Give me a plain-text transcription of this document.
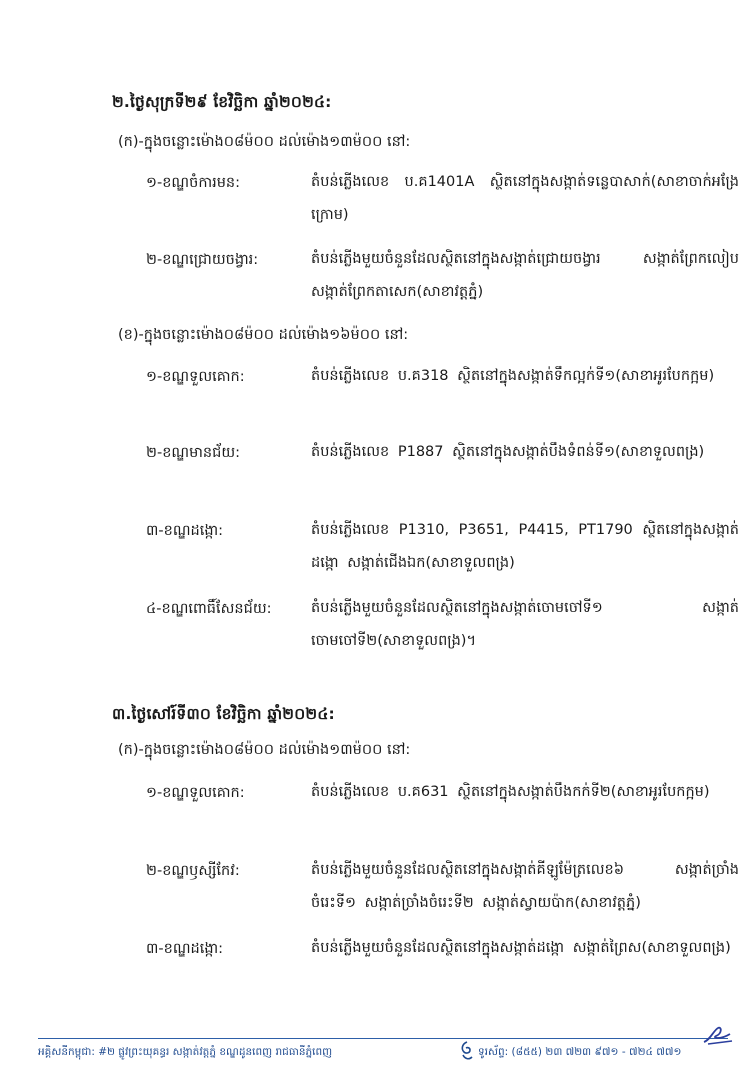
២.ថ្ងៃសុក្រទី២៩ ខែវិច្ឆិកា ឆ្នាំ២០២៤:
(ក)-ក្នុងចន្លោះម៉ោង០៨ម៉០០ ដល់ម៉ោង១៣ម៉០០ នៅ:
១-ខណ្ឌចំការមន:	តំបន់ភ្លើងលេខ ប.គ1401A ស្ថិតនៅក្នុងសង្កាត់ទន្លេបាសាក់(សាខាចាក់អង្រែក្រោម)
២-ខណ្ឌជ្រោយចង្វារ:	តំបន់ភ្លើងមួយចំនួនដែលស្ថិតនៅក្នុងសង្កាត់ជ្រោយចង្វារ សង្កាត់ព្រែកលៀប សង្កាត់ព្រែកតាសេក(សាខាវត្តភ្នំ)
(ខ)-ក្នុងចន្លោះម៉ោង០៨ម៉០០ ដល់ម៉ោង១៦ម៉០០ នៅ:
១-ខណ្ឌទួលគោក:	តំបន់ភ្លើងលេខ ប.គ318 ស្ថិតនៅក្នុងសង្កាត់ទឹកល្អក់ទី១(សាខាអូរបែកក្អម)
២-ខណ្ឌមានជ័យ:	តំបន់ភ្លើងលេខ P1887 ស្ថិតនៅក្នុងសង្កាត់បឹងទំពន់ទី១(សាខាទួលពង្រ)
៣-ខណ្ឌដង្កោ:	តំបន់ភ្លើងលេខ P1310, P3651, P4415, PT1790 ស្ថិតនៅក្នុងសង្កាត់ដង្កោ សង្កាត់ជើងឯក(សាខាទួលពង្រ)
៤-ខណ្ឌពោធិ៍សែនជ័យ:	តំបន់ភ្លើងមួយចំនួនដែលស្ថិតនៅក្នុងសង្កាត់ចោមចៅទី១ សង្កាត់ចោមចៅទី២(សាខាទួលពង្រ)។
៣.ថ្ងៃសៅរ៍ទី៣០ ខែវិច្ឆិកា ឆ្នាំ២០២៤:
(ក)-ក្នុងចន្លោះម៉ោង០៨ម៉០០ ដល់ម៉ោង១៣ម៉០០ នៅ:
១-ខណ្ឌទួលគោក:	តំបន់ភ្លើងលេខ ប.គ631 ស្ថិតនៅក្នុងសង្កាត់បឹងកក់ទី២(សាខាអូរបែកក្អម)
២-ខណ្ឌឫស្សីកែវ:	តំបន់ភ្លើងមួយចំនួនដែលស្ថិតនៅក្នុងសង្កាត់គីឡូម៉ែត្រលេខ៦ សង្កាត់ច្រាំងចំរេះទី១ សង្កាត់ច្រាំងចំរេះទី២ សង្កាត់ស្វាយប៉ាក(សាខាវត្តភ្នំ)
៣-ខណ្ឌដង្កោ:	តំបន់ភ្លើងមួយចំនួនដែលស្ថិតនៅក្នុងសង្កាត់ដង្កោ សង្កាត់ព្រៃស(សាខាទួលពង្រ)
អគ្គិសនីកម្ពុជា: #២ ផ្លូវព្រះយុគន្ធរ សង្កាត់វត្តភ្នំ ខណ្ឌដូនពេញ រាជធានីភ្នំពេញ	ទូរស័ព្ទ: (៨៥៥) ២៣ ៧២៣ ៩៧១ - ៧២៤ ៧៧១
